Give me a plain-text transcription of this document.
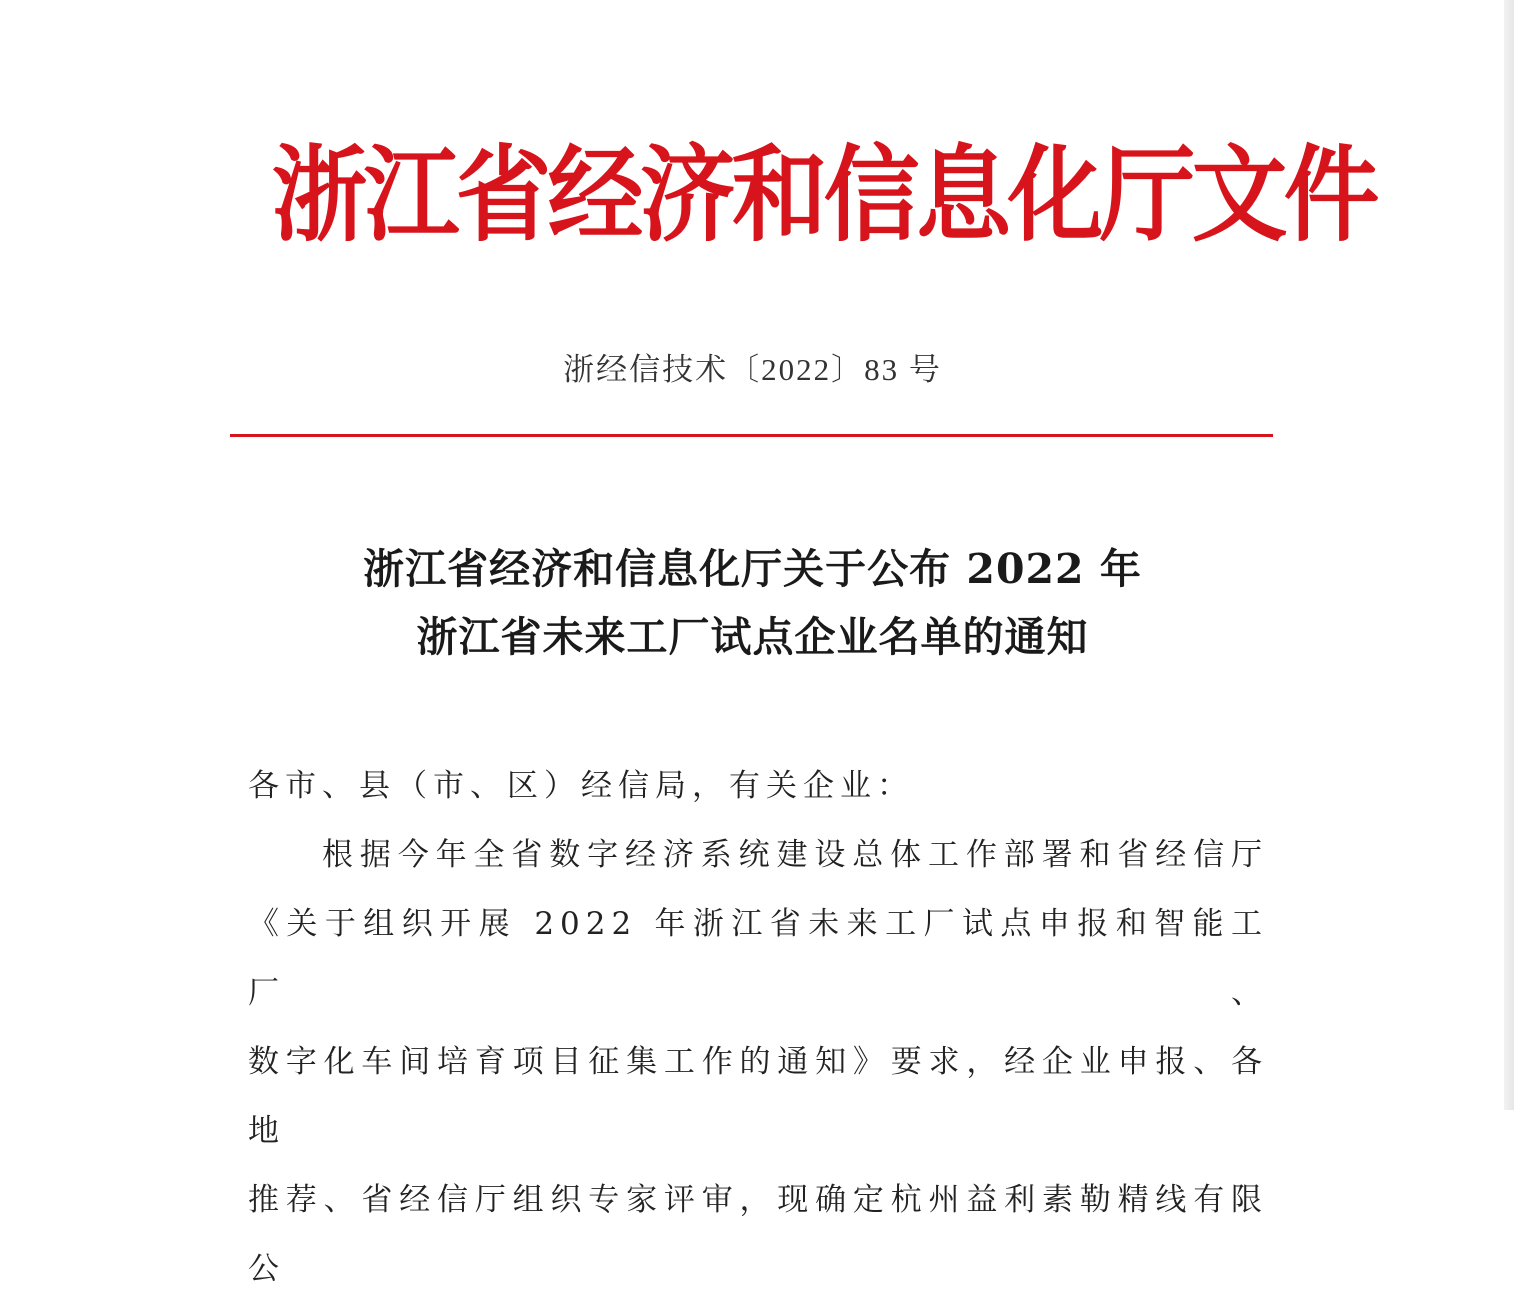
浙江省经济和信息化厅文件
浙经信技术〔2022〕83 号
浙江省经济和信息化厅关于公布 2022 年
浙江省未来工厂试点企业名单的通知

各市、县（市、区）经信局，有关企业：

根据今年全省数字经济系统建设总体工作部署和省经信厅

《关于组织开展 2022 年浙江省未来工厂试点申报和智能工厂、

数字化车间培育项目征集工作的通知》要求，经企业申报、各地

推荐、省经信厅组织专家评审，现确定杭州益利素勒精线有限公
